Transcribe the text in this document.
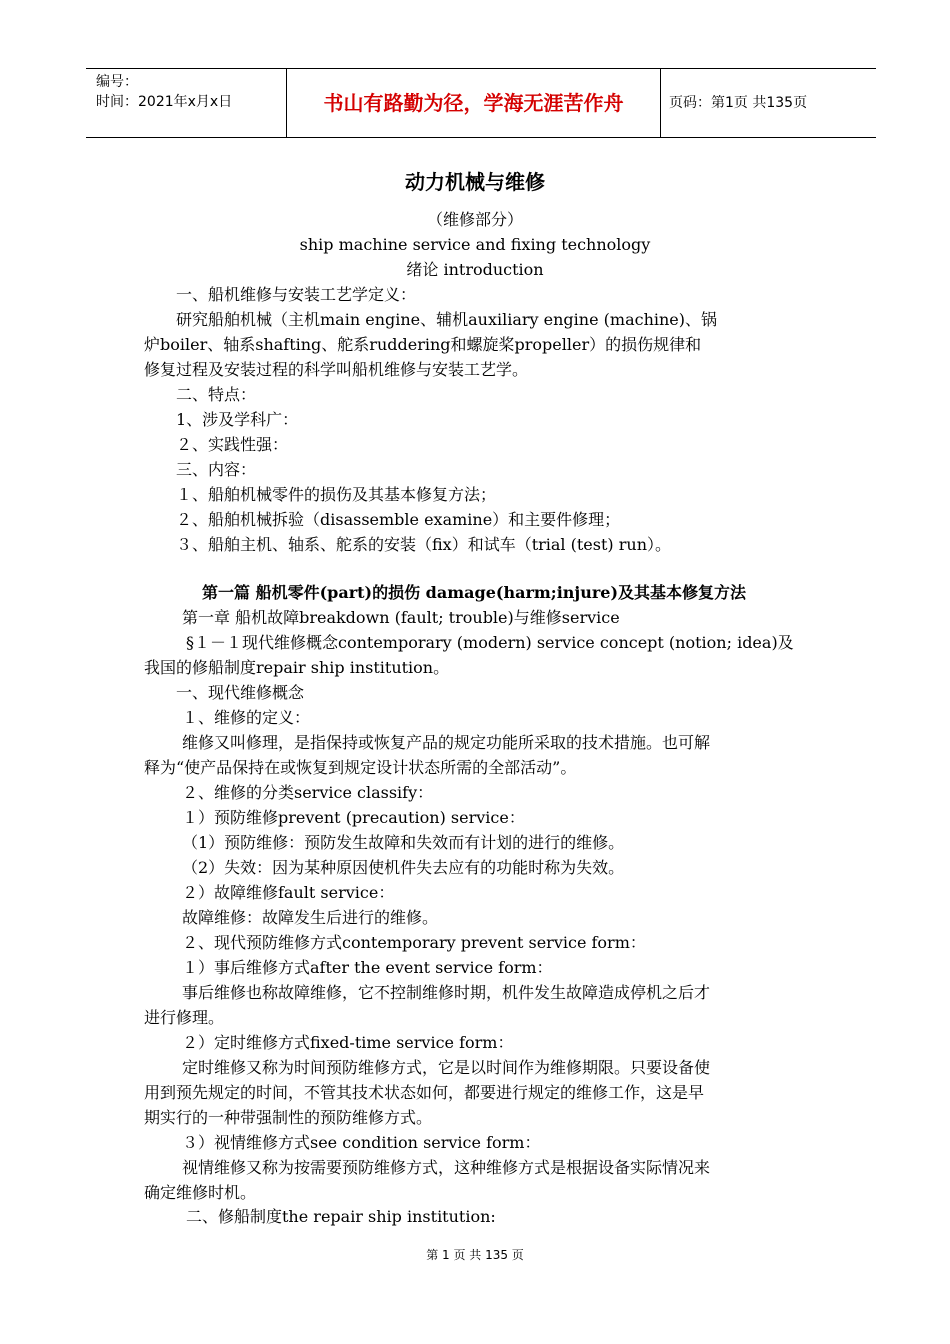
编号：
时间：2021年x月x日	书山有路勤为径，学海无涯苦作舟	页码：第1页 共135页
动力机械与维修
（维修部分）
ship machine service and fixing technology
绪论 introduction
一、船机维修与安装工艺学定义：
研究船舶机械（主机main engine、辅机auxiliary engine (machine)、锅
炉boiler、轴系shafting、舵系ruddering和螺旋桨propeller）的损伤规律和
修复过程及安装过程的科学叫船机维修与安装工艺学。
二、特点：
1、涉及学科广：
２、实践性强：
三、内容：
１、船舶机械零件的损伤及其基本修复方法；
２、船舶机械拆验（disassemble examine）和主要件修理；
３、船舶主机、轴系、舵系的安装（fix）和试车（trial (test) run）。
第一篇 船机零件(part)的损伤 damage(harm;injure)及其基本修复方法
第一章 船机故障breakdown (fault; trouble)与维修service
§１－１现代维修概念contemporary (modern) service concept (notion; idea)及
我国的修船制度repair ship institution。
一、现代维修概念
１、维修的定义：
维修又叫修理，是指保持或恢复产品的规定功能所采取的技术措施。也可解
释为“使产品保持在或恢复到规定设计状态所需的全部活动”。
２、维修的分类service classify：
１）预防维修prevent (precaution) service：
（1）预防维修：预防发生故障和失效而有计划的进行的维修。
（2）失效：因为某种原因使机件失去应有的功能时称为失效。
２）故障维修fault service：
故障维修：故障发生后进行的维修。
２、现代预防维修方式contemporary prevent service form：
１）事后维修方式after the event service form：
事后维修也称故障维修，它不控制维修时期，机件发生故障造成停机之后才
进行修理。
２）定时维修方式fixed-time service form：
定时维修又称为时间预防维修方式，它是以时间作为维修期限。只要设备使
用到预先规定的时间，不管其技术状态如何，都要进行规定的维修工作，这是早
期实行的一种带强制性的预防维修方式。
３）视情维修方式see condition service form：
视情维修又称为按需要预防维修方式，这种维修方式是根据设备实际情况来
确定维修时机。
二、修船制度the repair ship institution:
第 1 页 共 135 页
